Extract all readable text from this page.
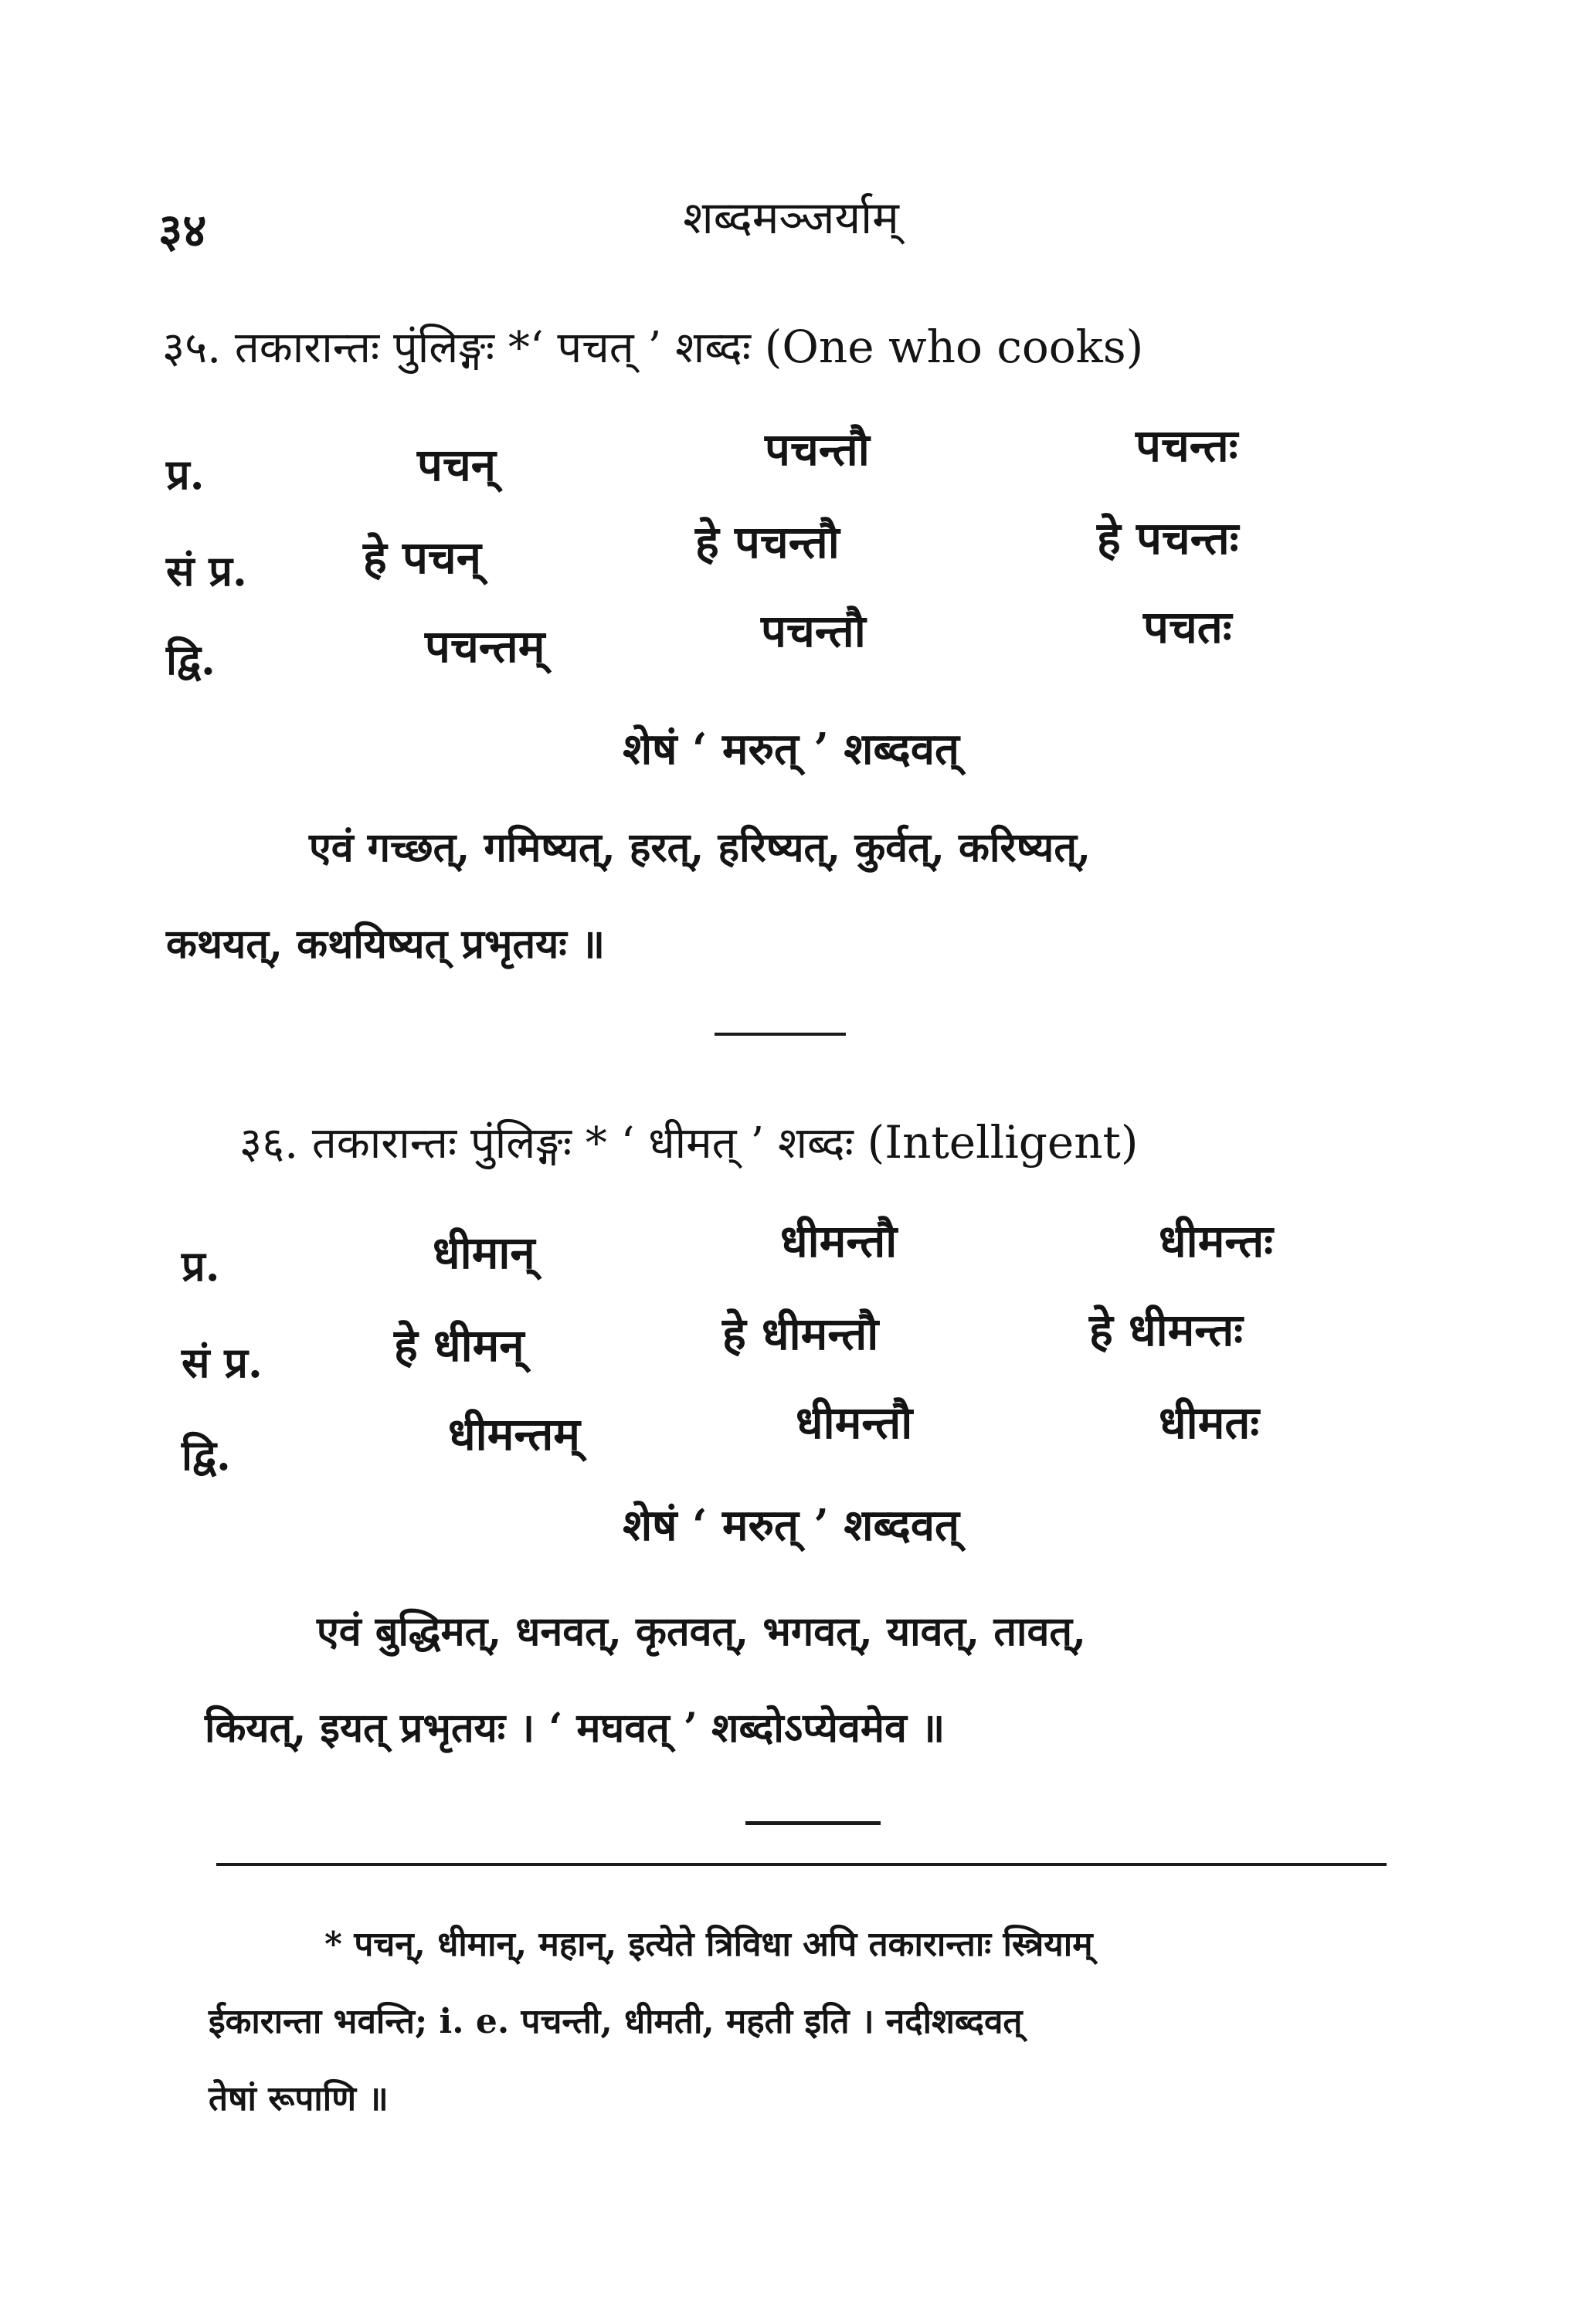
३४	शब्दमञ्जर्याम्
३५. तकारान्तः पुंलिङ्गः *‘ पचत् ’ शब्दः (One who cooks)
प्र.	पचन्	पचन्तौ	पचन्तः
सं प्र.	हे पचन्	हे पचन्तौ	हे पचन्तः
द्वि.	पचन्तम्	पचन्तौ	पचतः
शेषं ‘ मरुत् ’ शब्दवत्
एवं गच्छत्, गमिष्यत्, हरत्, हरिष्यत्, कुर्वत्, करिष्यत्,
कथयत्, कथयिष्यत् प्रभृतयः ॥
३६. तकारान्तः पुंलिङ्गः * ‘ धीमत् ’ शब्दः (Intelligent)
प्र.	धीमान्	धीमन्तौ	धीमन्तः
सं प्र.	हे धीमन्	हे धीमन्तौ	हे धीमन्तः
द्वि.	धीमन्तम्	धीमन्तौ	धीमतः
शेषं ‘ मरुत् ’ शब्दवत्
एवं बुद्धिमत्, धनवत्, कृतवत्, भगवत्, यावत्, तावत्,
कियत्, इयत् प्रभृतयः । ‘ मघवत् ’ शब्दोऽप्येवमेव ॥
* पचन्, धीमान्, महान्, इत्येते त्रिविधा अपि तकारान्ताः स्त्रियाम्
ईकारान्ता भवन्ति; i. e. पचन्ती, धीमती, महती इति । नदीशब्दवत्
तेषां रूपाणि ॥
